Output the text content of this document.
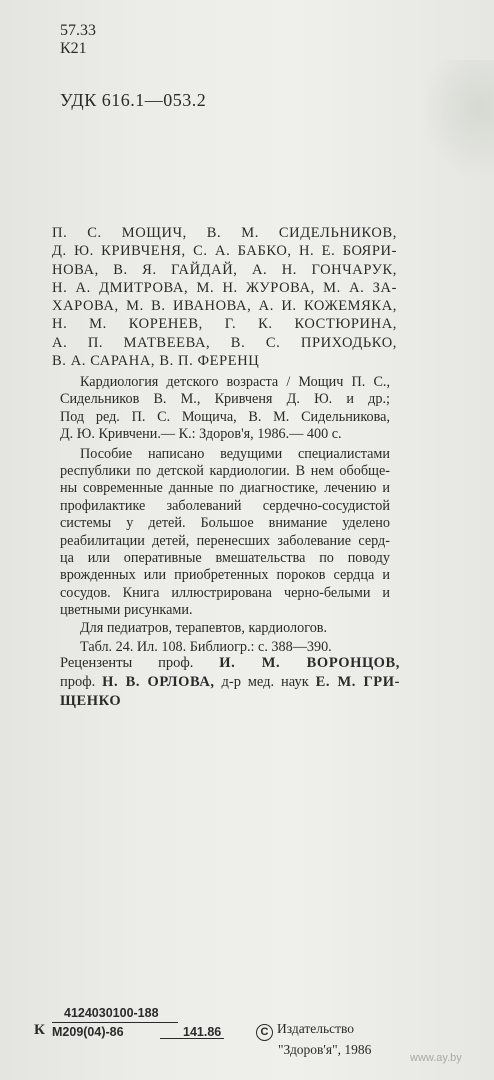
57.33
К21
УДК 616.1—053.2
П. С. МОЩИЧ, В. М. СИДЕЛЬНИКОВ,
Д. Ю. КРИВЧЕНЯ, С. А. БАБКО, Н. Е. БОЯРИ-
НОВА, В. Я. ГАЙДАЙ, А. Н. ГОНЧАРУК,
Н. А. ДМИТРОВА, М. Н. ЖУРОВА, М. А. ЗА-
ХАРОВА, М. В. ИВАНОВА, А. И. КОЖЕМЯКА,
Н. М. КОРЕНЕВ, Г. К. КОСТЮРИНА,
А. П. МАТВЕЕВА, В. С. ПРИХОДЬКО,
В. А. САРАНА, В. П. ФЕРЕНЦ
Кардиология детского возраста / Мощич П. С.,
Сидельников В. М., Кривченя Д. Ю. и др.;
Под ред. П. С. Мощича, В. М. Сидельникова,
Д. Ю. Кривчени.— К.: Здоров'я, 1986.— 400 с.
Пособие написано ведущими специалистами
республики по детской кардиологии. В нем обобще-
ны современные данные по диагностике, лечению и
профилактике заболеваний сердечно-сосудистой
системы у детей. Большое внимание уделено
реабилитации детей, перенесших заболевание серд-
ца или оперативные вмешательства по поводу
врожденных или приобретенных пороков сердца и
сосудов. Книга иллюстрирована черно-белыми и
цветными рисунками.
Для педиатров, терапевтов, кардиологов.
Табл. 24. Ил. 108. Библиогр.: с. 388—390.
Рецензенты проф. И. М. ВОРОНЦОВ,
проф. Н. В. ОРЛОВА, д-р мед. наук Е. М. ГРИ-
ЩЕНКО
К
4124030100-188
М209(04)-86	141.86	C Издательство
"Здоров'я", 1986
www.ay.by
